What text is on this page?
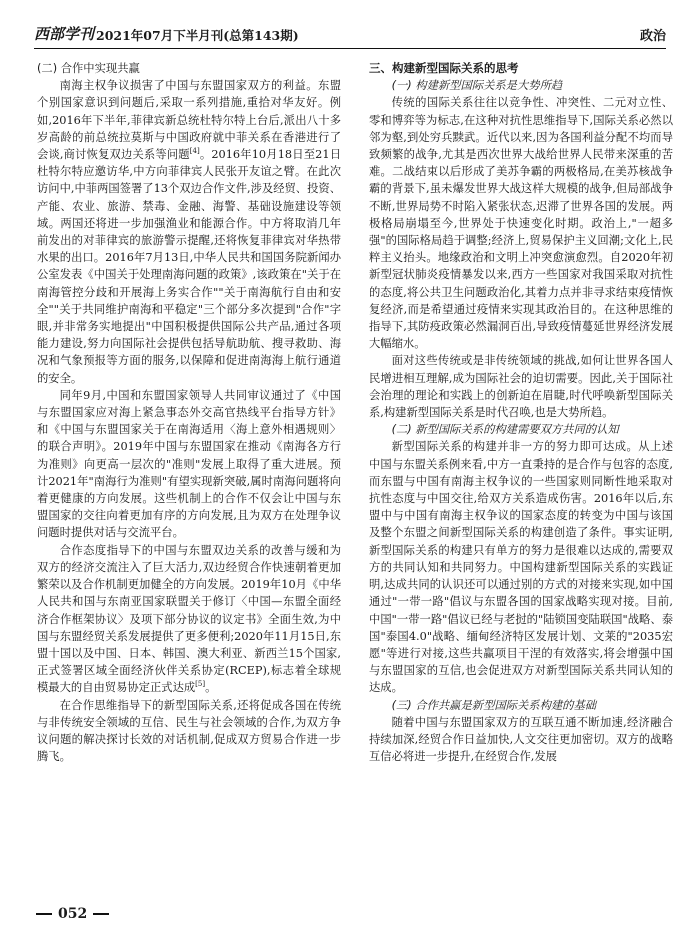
西部学刊 2021年07月下半月刊(总第143期)	政治
(二) 合作中实现共赢

南海主权争议损害了中国与东盟国家双方的利益。东盟个别国家意识到问题后,采取一系列措施,重拾对华友好。例如,2016年下半年,菲律宾新总统杜特尔特上台后,派出八十多岁高龄的前总统拉莫斯与中国政府就中菲关系在香港进行了会谈,商讨恢复双边关系等问题[4]。2016年10月18日至21日杜特尔特应邀访华,中方向菲律宾人民张开友谊之臂。在此次访问中,中菲两国签署了13个双边合作文件,涉及经贸、投资、产能、农业、旅游、禁毒、金融、海警、基础设施建设等领域。两国还将进一步加强渔业和能源合作。中方将取消几年前发出的对菲律宾的旅游警示提醒,还将恢复菲律宾对华热带水果的出口。2016年7月13日,中华人民共和国国务院新闻办公室发表《中国关于处理南海问题的政策》,该政策在"关于在南海管控分歧和开展海上务实合作""关于南海航行自由和安全""关于共同维护南海和平稳定"三个部分多次提到"合作"字眼,并非常务实地提出"中国积极提供国际公共产品,通过各项能力建设,努力向国际社会提供包括导航助航、搜寻救助、海况和气象预报等方面的服务,以保障和促进南海海上航行通道的安全。

同年9月,中国和东盟国家领导人共同审议通过了《中国与东盟国家应对海上紧急事态外交高官热线平台指导方针》和《中国与东盟国家关于在南海适用〈海上意外相遇规则〉的联合声明》。2019年中国与东盟国家在推动《南海各方行为准则》向更高一层次的"准则"发展上取得了重大进展。预计2021年"南海行为准则"有望实现新突破,属时南海问题将向着更健康的方向发展。这些机制上的合作不仅会让中国与东盟国家的交往向着更加有序的方向发展,且为双方在处理争议问题时提供对话与交流平台。

合作态度指导下的中国与东盟双边关系的改善与缓和为双方的经济交流注入了巨大活力,双边经贸合作快速朝着更加繁荣以及合作机制更加健全的方向发展。2019年10月《中华人民共和国与东南亚国家联盟关于修订〈中国—东盟全面经济合作框架协议〉及项下部分协议的议定书》全面生效,为中国与东盟经贸关系发展提供了更多便利;2020年11月15日,东盟十国以及中国、日本、韩国、澳大利亚、新西兰15个国家,正式签署区域全面经济伙伴关系协定(RCEP),标志着全球规模最大的自由贸易协定正式达成[5]。

在合作思维指导下的新型国际关系,还将促成各国在传统与非传统安全领域的互信、民生与社会领域的合作,为双方争议问题的解决探讨长效的对话机制,促成双方贸易合作进一步腾飞。

三、构建新型国际关系的思考
(一) 构建新型国际关系是大势所趋

传统的国际关系往往以竞争性、冲突性、二元对立性、零和博弈等为标志,在这种对抗性思维指导下,国际关系必然以邻为壑,到处穷兵黩武。近代以来,因为各国利益分配不均而导致频繁的战争,尤其是西次世界大战给世界人民带来深重的苦难。二战结束以后形成了美苏争霸的两极格局,在美苏核战争霸的背景下,虽未爆发世界大战这样大规模的战争,但局部战争不断,世界局势不时陷入紧张状态,迟滞了世界各国的发展。两极格局崩塌至今,世界处于快速变化时期。政治上,"一超多强"的国际格局趋于调整;经济上,贸易保护主义回潮;文化上,民粹主义抬头。地缘政治和文明上冲突愈演愈烈。自2020年初新型冠状肺炎疫情暴发以来,西方一些国家对我国采取对抗性的态度,将公共卫生问题政治化,其着力点并非寻求结束疫情恢复经济,而是希望通过疫情来实现其政治目的。在这种思维的指导下,其防疫政策必然漏洞百出,导致疫情蔓延世界经济发展大幅缩水。

面对这些传统或是非传统领域的挑战,如何让世界各国人民增进相互理解,成为国际社会的迫切需要。因此,关于国际社会治理的理论和实践上的创新迫在眉睫,时代呼唤新型国际关系,构建新型国际关系是时代召唤,也是大势所趋。

(二) 新型国际关系的构建需要双方共同的认知

新型国际关系的构建并非一方的努力即可达成。从上述中国与东盟关系例来看,中方一直秉持的是合作与包容的态度,而东盟与中国有南海主权争议的一些国家则同断性地采取对抗性态度与中国交往,给双方关系造成伤害。2016年以后,东盟中与中国有南海主权争议的国家态度的转变为中国与该国及整个东盟之间新型国际关系的构建创造了条件。事实证明,新型国际关系的构建只有单方的努力是很难以达成的,需要双方的共同认知和共同努力。中国构建新型国际关系的实践证明,达成共同的认识还可以通过别的方式的对接来实现,如中国通过"一带一路"倡议与东盟各国的国家战略实现对接。目前,中国"一带一路"倡议已经与老挝的"陆锁国变陆联国"战略、泰国"泰国4.0"战略、缅甸经济特区发展计划、文莱的"2035宏愿"等进行对接,这些共赢项目干涅的有效落实,将会增强中国与东盟国家的互信,也会促进双方对新型国际关系共同认知的达成。

(三) 合作共赢是新型国际关系构建的基础

随着中国与东盟国家双方的互联互通不断加速,经济融合持续加深,经贸合作日益加快,人文交往更加密切。双方的战略互信必将进一步提升,在经贸合作,发展

052
